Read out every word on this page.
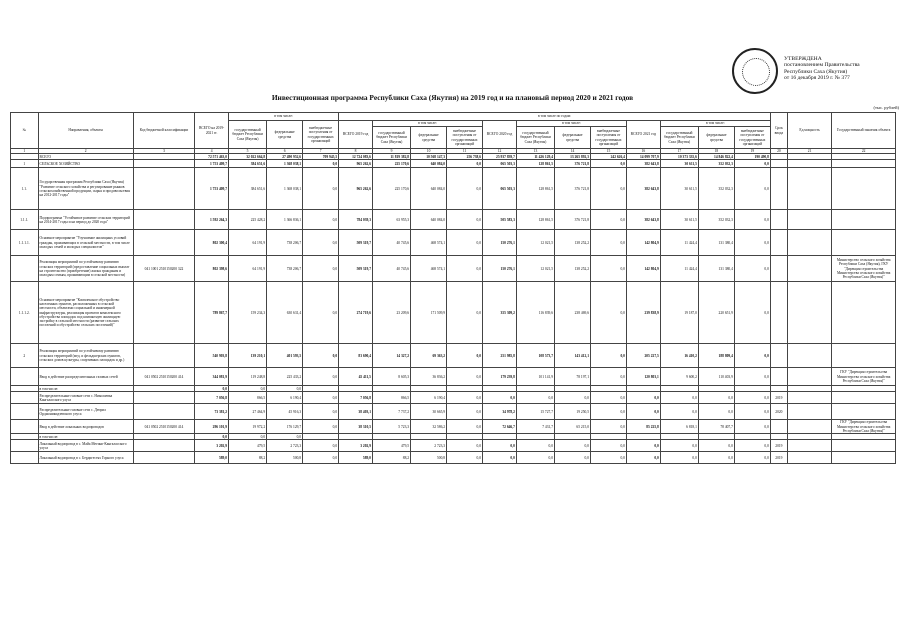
УТВЕРЖДЕНА
постановлением Правительства
Республики Саха (Якутия)
от 16 декабря 2019 г. № 377
Инвестиционная программа Республики Саха (Якутия) на 2019 год и на плановый период 2020 и 2021 годов
(тыс. рублей)
№	Направления, объекты	Код бюджетной классификации	ВСЕГО на 2019-2021 гг.	в том числе:			в том числе по годам:												Срок ввода	Ед.мощность	Государственный заказчик объекта
				государственный бюджет Республики Саха (Якутия)	федеральные средства	внебюджетные поступления от государственных организаций	ВСЕГО 2019 год	в том числе:			ВСЕГО 2020 год	в том числе:			ВСЕГО 2021 год	в том числе:					
								государственный бюджет Республики Саха (Якутия)	федеральные средства	внебюджетные поступления от государственных организаций		государственный бюджет Республики Саха (Якутия)	федеральные средства	внебюджетные поступления от государственных организаций		государственный бюджет Республики Саха (Якутия)	федеральные средства	внебюджетные поступления от государственных организаций			
1	2	3	4	5	6	7	8	9	10	11	12	13	14	15	16	17	18	19	20	21	22
	ВСЕГО		72 571 463,0	32 022 664,8	27 490 952,6	709 945,5	12 724 083,6	11 819 382,8	10 568 147,3	256 738,6	25 937 839,7	11 426 129,4	13 265 892,3	242 626,4	14 099 707,9	10 373 335,6	14 846 822,4	190 490,8			
1	СЕЛЬСКОЕ ХОЗЯЙСТВО		1 753 409,7	384 651,6	1 368 038,1	0,0	965 262,6	225 170,6	640 084,0	0,0	065 503,3	128 861,5	376 721,8	0,0	382 643,8	30 611,5	352 032,3	0,0			
1.1.	Государственная программа Республики Саха (Якутия) "Развитие сельского хозяйства и регулирование рынков сельскохозяйственной продукции, сырья и продовольствия на 2012-2017 годы"		1 753 409,7	384 651,6	1 368 038,1	0,0	965 262,6	225 170,6	640 084,0	0,0	065 503,3	128 861,5	376 721,8	0,0	382 643,8	30 611,5	352 032,3	0,0			
1.1.1.	Подпрограмма "Устойчивое развитие сельских территорий на 2014-2017 годы и на период до 2020 года"		1 592 264,3	225 428,2	1 366 836,1	0,0	784 039,3	63 955,3	640 084,0	0,0	505 583,3	128 861,5	376 721,8	0,0	382 643,8	30 611,5	352 032,3	0,0			
1.1.1.1.	Основное мероприятие "Улучшение жилищных условий граждан, проживающих в сельской местности, в том числе молодых семей и молодых специалистов"		802 300,4	64 191,9	738 206,7	0,0	509 319,7	40 745,6	468 574,1	0,0	150 276,1	12 021,5	138 252,2	0,0	142 804,9	11 424,4	131 380,4	0,0			
	Реализация мероприятий по устойчивому развитию сельских территорий (предоставление социальных выплат на строительство (приобретение) жилья гражданам и молодым семьям, проживающим в сельской местности)	041 1001 2510150200 322	802 398,6	64 191,9	738 206,7	0,0	509 319,7	40 745,6	468 574,1	0,0	150 276,1	12 021,5	138 252,2	0,0	142 804,9	11 424,4	131 380,4	0,0			Министерство сельского хозяйства Республики Саха (Якутия), ГКУ "Дирекция строительства Министерства сельского хозяйства Республики Саха (Якутия)"
1.1.1.2.	Основное мероприятие "Комплексное обустройство населенных пунктов, расположенных в сельской местности, объектами социальной и инженерной инфраструктуры, реализация проектов комплексного обустройства площадок под компактную жилищную застройку в сельской местности (развитие сельских поселений и обустройство сельских поселений)"		789 867,7	159 234,3	630 631,4	0,0	274 719,6	23 209,6	171 509,9	0,0	355 309,2	116 839,6	238 469,6	0,0	239 838,9	19 187,0	220 651,9	0,0			
2	Реализация мероприятий по устойчивому развитию сельских территорий (мед. и фельдшерских пунктов, сельских домов культуры, спортивных площадок и др.)		540 903,8	139 210,1	401 593,5	0,0	83 690,4	14 327,2	69 363,2	0,0	251 985,8	108 573,7	143 412,1	0,0	205 227,5	16 410,2	188 809,4	0,0			
	Ввод в действие распределительных газовых сетей	041 0502 2510150200 414	344 081,9	119 248,8	225 433,2	0,0	45 411,5	8 605,3	36 836,2	0,0	179 239,8	101 141,9	78 197,1	0,0	120 803,1	9 600,2	110 403,9	0,0			ГКУ "Дирекция строительства Министерства сельского хозяйства Республики Саха (Якутия)"
	в том числе:		0,0	0,0	0,0																
	Распределительные газовые сети с. Николаевка Кангаласского улуса		7 056,8	866,5	6 190,4	0,0	7 056,8	866,5	6 190,4	0,0	0,0	0,0	0,0	0,0	0,0	0,0	0,0	0,0	2019		
	Распределительные газовые сети с. Деприл Орджоникидзевского улуса		73 381,2	27 464,9	45 916,3	0,0	38 403,1	7 737,2	30 665,9	0,0	34 978,2	15 727,7	19 250,5	0,0	0,0	0,0	0,0	0,0	2020		
	Ввод в действие локальных водопроводов	041 0502 2510150200 414	296 101,9	19 972,2	176 129,7	0,0	38 310,5	5 723,3	32 586,2	0,0	72 646,7	7 431,7	65 215,0	0,0	85 225,8	6 818,1	78 407,7	0,0			ГКУ "Дирекция строительства Министерства сельского хозяйства Республики Саха (Якутия)"
	в том числе:		0,0	0,0	0,0																
	Локальный водопровод в с. Майа Мегино-Кангаласского улуса		3 202,9	479,5	2 723,3	0,0	3 202,9	479,5	2 723,3	0,0	0,0	0,0	0,0	0,0	0,0	0,0	0,0	0,0	2019		
	Локальный водопровод в с. Бердигестях Горного улуса		589,0	88,2	500,8	0,0	589,0	88,2	500,8	0,0	0,0	0,0	0,0	0,0	0,0	0,0	0,0	0,0	2019		
